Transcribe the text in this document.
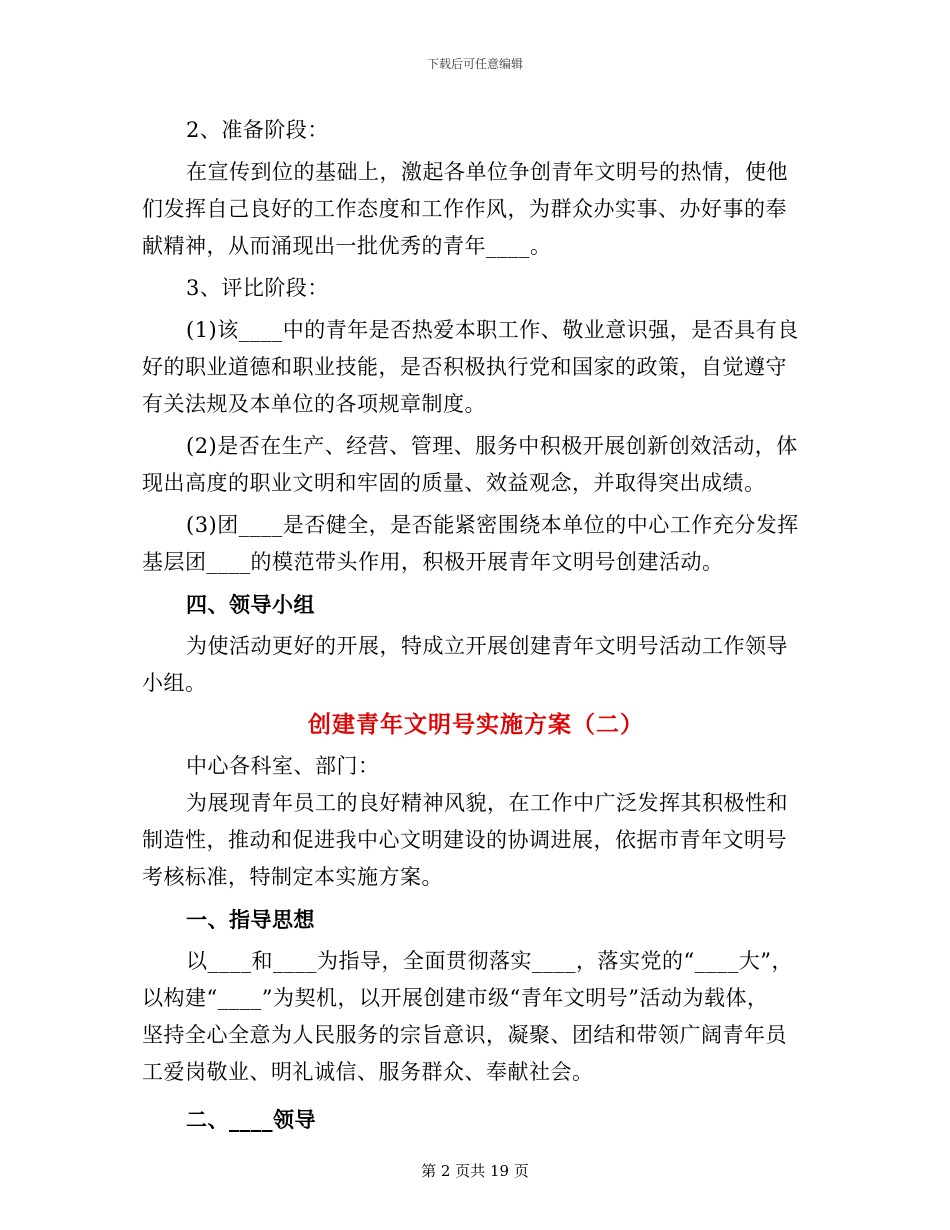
下载后可任意编辑
2、准备阶段：
在宣传到位的基础上，激起各单位争创青年文明号的热情，使他
们发挥自己良好的工作态度和工作作风，为群众办实事、办好事的奉
献精神，从而涌现出一批优秀的青年____。
3、评比阶段：
(1)该____中的青年是否热爱本职工作、敬业意识强，是否具有良
好的职业道德和职业技能，是否积极执行党和国家的政策，自觉遵守
有关法规及本单位的各项规章制度。
(2)是否在生产、经营、管理、服务中积极开展创新创效活动，体
现出高度的职业文明和牢固的质量、效益观念，并取得突出成绩。
(3)团____是否健全，是否能紧密围绕本单位的中心工作充分发挥
基层团____的模范带头作用，积极开展青年文明号创建活动。
四、领导小组
为使活动更好的开展，特成立开展创建青年文明号活动工作领导
小组。
创建青年文明号实施方案（二）
中心各科室、部门：
为展现青年员工的良好精神风貌，在工作中广泛发挥其积极性和
制造性，推动和促进我中心文明建设的协调进展，依据市青年文明号
考核标准，特制定本实施方案。
一、指导思想
以____和____为指导，全面贯彻落实____，落实党的“____大”，
以构建“____”为契机，以开展创建市级“青年文明号”活动为载体，
坚持全心全意为人民服务的宗旨意识，凝聚、团结和带领广阔青年员
工爱岗敬业、明礼诚信、服务群众、奉献社会。
二、____领导
第 2 页共 19 页
